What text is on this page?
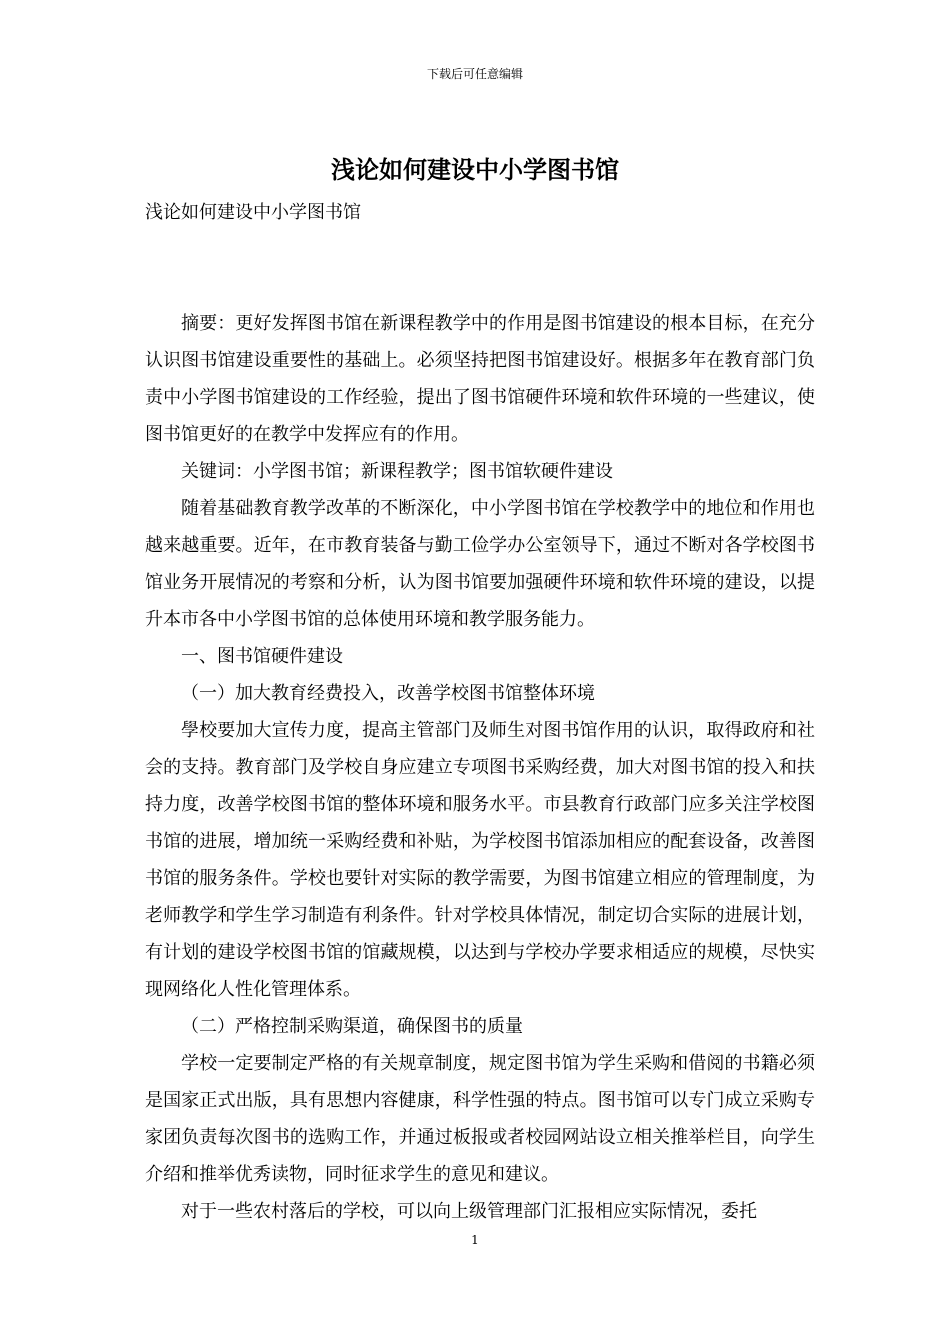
下载后可任意编辑
浅论如何建设中小学图书馆

浅论如何建设中小学图书馆

摘要：更好发挥图书馆在新课程教学中的作用是图书馆建设的根本目标，在充分认识图书馆建设重要性的基础上。必须坚持把图书馆建设好。根据多年在教育部门负责中小学图书馆建设的工作经验，提出了图书馆硬件环境和软件环境的一些建议，使图书馆更好的在教学中发挥应有的作用。

关键词：小学图书馆；新课程教学；图书馆软硬件建设

随着基础教育教学改革的不断深化，中小学图书馆在学校教学中的地位和作用也越来越重要。近年，在市教育装备与勤工俭学办公室领导下，通过不断对各学校图书馆业务开展情况的考察和分析，认为图书馆要加强硬件环境和软件环境的建设，以提升本市各中小学图书馆的总体使用环境和教学服务能力。

一、图书馆硬件建设

（一）加大教育经费投入，改善学校图书馆整体环境

學校要加大宣传力度，提高主管部门及师生对图书馆作用的认识，取得政府和社会的支持。教育部门及学校自身应建立专项图书采购经费，加大对图书馆的投入和扶持力度，改善学校图书馆的整体环境和服务水平。市县教育行政部门应多关注学校图书馆的进展，增加统一采购经费和补贴，为学校图书馆添加相应的配套设备，改善图书馆的服务条件。学校也要针对实际的教学需要，为图书馆建立相应的管理制度，为老师教学和学生学习制造有利条件。针对学校具体情况，制定切合实际的进展计划，有计划的建设学校图书馆的馆藏规模，以达到与学校办学要求相适应的规模，尽快实现网络化人性化管理体系。

（二）严格控制采购渠道，确保图书的质量

学校一定要制定严格的有关规章制度，规定图书馆为学生采购和借阅的书籍必须是国家正式出版，具有思想内容健康，科学性强的特点。图书馆可以专门成立采购专家团负责每次图书的选购工作，并通过板报或者校园网站设立相关推举栏目，向学生介绍和推举优秀读物，同时征求学生的意见和建议。

对于一些农村落后的学校，可以向上级管理部门汇报相应实际情况，委托

1
